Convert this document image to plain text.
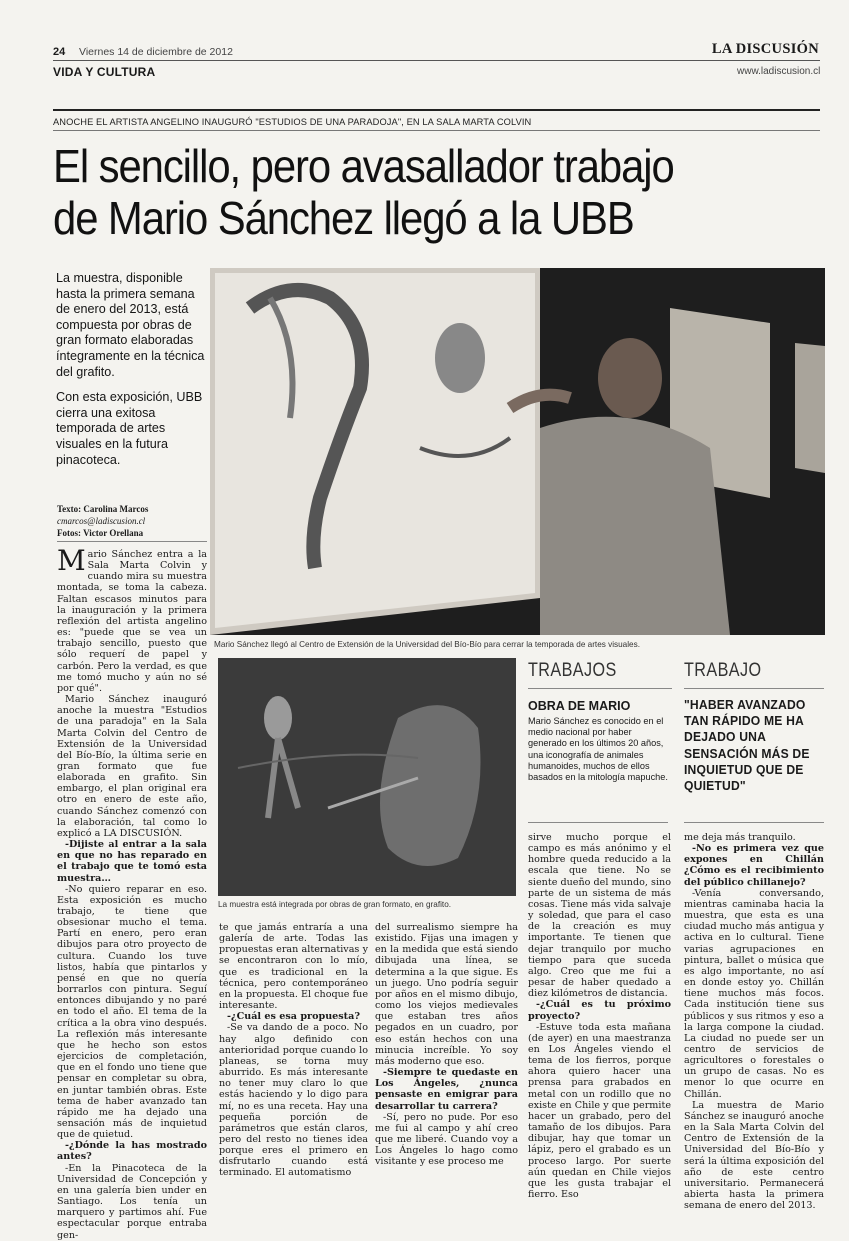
24 Viernes 14 de diciembre de 2012	LA DISCUSIÓN
VIDA Y CULTURA	www.ladiscusion.cl
ANOCHE EL ARTISTA ANGELINO INAUGURÓ "ESTUDIOS DE UNA PARADOJA", EN LA SALA MARTA COLVIN
El sencillo, pero avasallador trabajo
de Mario Sánchez llegó a la UBB

La muestra, disponible hasta la primera semana de enero del 2013, está compuesta por obras de gran formato elaboradas íntegramente en la técnica del grafito.

Con esta exposición, UBB cierra una exitosa temporada de artes visuales en la futura pinacoteca.

Texto: Carolina Marcos
cmarcos@ladiscusion.cl
Fotos: Victor Orellana
Mario Sánchez llegó al Centro de Extensión de la Universidad del Bío-Bío para cerrar la temporada de artes visuales.
La muestra está integrada por obras de gran formato, en grafito.

Mario Sánchez entra a la Sala Marta Colvin y cuando mira su muestra montada, se toma la cabeza. Faltan escasos minutos para la inauguración y la primera reflexión del artista angelino es: "puede que se vea un trabajo sencillo, puesto que sólo requerí de papel y carbón. Pero la verdad, es que me tomó mucho y aún no sé por qué".

Mario Sánchez inauguró anoche la muestra "Estudios de una paradoja" en la Sala Marta Colvin del Centro de Extensión de la Universidad del Bío-Bío, la última serie en gran formato que fue elaborada en grafito. Sin embargo, el plan original era otro en enero de este año, cuando Sánchez comenzó con la elaboración, tal como lo explicó a LA DISCUSIÓN.

-Dijiste al entrar a la sala en que no has reparado en el trabajo que te tomó esta muestra…

-No quiero reparar en eso. Esta exposición es mucho trabajo, te tiene que obsesionar mucho el tema. Partí en enero, pero eran dibujos para otro proyecto de cultura. Cuando los tuve listos, había que pintarlos y pensé en que no quería borrarlos con pintura. Seguí entonces dibujando y no paré en todo el año. El tema de la crítica a la obra vino después. La reflexión más interesante que he hecho son estos ejercicios de completación, que en el fondo uno tiene que pensar en completar su obra, en juntar también obras. Este tema de haber avanzado tan rápido me ha dejado una sensación más de inquietud que de quietud.

-¿Dónde la has mostrado antes?

-En la Pinacoteca de la Universidad de Concepción y en una galería bien under en Santiago. Los tenía un marquero y partimos ahí. Fue espectacular porque entraba gen-

te que jamás entraría a una galería de arte. Todas las propuestas eran alternativas y se encontraron con lo mío, que es tradicional en la técnica, pero contemporáneo en la propuesta. El choque fue interesante.

-¿Cuál es esa propuesta?

-Se va dando de a poco. No hay algo definido con anterioridad porque cuando lo planeas, se torna muy aburrido. Es más interesante no tener muy claro lo que estás haciendo y lo digo para mí, no es una receta. Hay una pequeña porción de parámetros que están claros, pero del resto no tienes idea porque eres el primero en disfrutarlo cuando está terminado. El automatismo

del surrealismo siempre ha existido. Fijas una imagen y en la medida que está siendo dibujada una línea, se determina a la que sigue. Es un juego. Uno podría seguir por años en el mismo dibujo, como los viejos medievales que estaban tres años pegados en un cuadro, por eso están hechos con una minucia increíble. Yo soy más moderno que eso.

-Siempre te quedaste en Los Ángeles, ¿nunca pensaste en emigrar para desarrollar tu carrera?

-Sí, pero no pude. Por eso me fui al campo y ahí creo que me liberé. Cuando voy a Los Ángeles lo hago como visitante y ese proceso me

TRABAJOS
OBRA DE MARIO
Mario Sánchez es conocido en el medio nacional por haber generado en los últimos 20 años, una iconografía de animales humanoides, muchos de ellos basados en la mitología mapuche.
TRABAJO
"HABER AVANZADO TAN RÁPIDO ME HA DEJADO UNA SENSACIÓN MÁS DE INQUIETUD QUE DE QUIETUD"

sirve mucho porque el campo es más anónimo y el hombre queda reducido a la escala que tiene. No se siente dueño del mundo, sino parte de un sistema de más cosas. Tiene más vida salvaje y soledad, que para el caso de la creación es muy importante. Te tienen que dejar tranquilo por mucho tiempo para que suceda algo. Creo que me fui a pesar de haber quedado a diez kilómetros de distancia.

-¿Cuál es tu próximo proyecto?

-Estuve toda esta mañana (de ayer) en una maestranza en Los Ángeles viendo el tema de los fierros, porque ahora quiero hacer una prensa para grabados en metal con un rodillo que no existe en Chile y que permite hacer un grabado, pero del tamaño de los dibujos. Para dibujar, hay que tomar un lápiz, pero el grabado es un proceso largo. Por suerte aún quedan en Chile viejos que les gusta trabajar el fierro. Eso

me deja más tranquilo.

-No es primera vez que expones en Chillán ¿Cómo es el recibimiento del público chillanejo?

-Venía conversando, mientras caminaba hacia la muestra, que esta es una ciudad mucho más antigua y activa en lo cultural. Tiene varias agrupaciones en pintura, ballet o música que es algo importante, no así en donde estoy yo. Chillán tiene muchos más focos. Cada institución tiene sus públicos y sus ritmos y eso a la larga compone la ciudad. La ciudad no puede ser un centro de servicios de agricultores o forestales o un grupo de casas. No es menor lo que ocurre en Chillán.

La muestra de Mario Sánchez se inauguró anoche en la Sala Marta Colvin del Centro de Extensión de la Universidad del Bío-Bío y será la última exposición del año de este centro universitario. Permanecerá abierta hasta la primera semana de enero del 2013.
